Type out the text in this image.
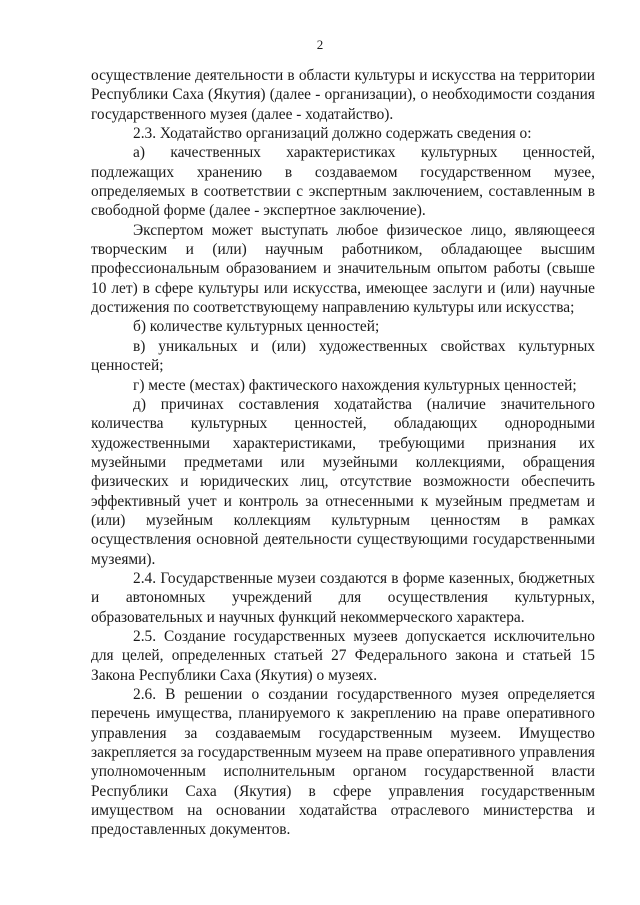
2

осуществление деятельности в области культуры и искусства на территории Республики Саха (Якутия) (далее - организации), о необходимости создания государственного музея (далее - ходатайство).

2.3. Ходатайство организаций должно содержать сведения о:

а) качественных характеристиках культурных ценностей, подлежащих хранению в создаваемом государственном музее, определяемых в соответствии с экспертным заключением, составленным в свободной форме (далее - экспертное заключение).

Экспертом может выступать любое физическое лицо, являющееся творческим и (или) научным работником, обладающее высшим профессиональным образованием и значительным опытом работы (свыше 10 лет) в сфере культуры или искусства, имеющее заслуги и (или) научные достижения по соответствующему направлению культуры или искусства;

б) количестве культурных ценностей;

в) уникальных и (или) художественных свойствах культурных ценностей;

г) месте (местах) фактического нахождения культурных ценностей;

д) причинах составления ходатайства (наличие значительного количества культурных ценностей, обладающих однородными художественными характеристиками, требующими признания их музейными предметами или музейными коллекциями, обращения физических и юридических лиц, отсутствие возможности обеспечить эффективный учет и контроль за отнесенными к музейным предметам и (или) музейным коллекциям культурным ценностям в рамках осуществления основной деятельности существующими государственными музеями).

2.4. Государственные музеи создаются в форме казенных, бюджетных и автономных учреждений для осуществления культурных, образовательных и научных функций некоммерческого характера.

2.5. Создание государственных музеев допускается исключительно для целей, определенных статьей 27 Федерального закона и статьей 15 Закона Республики Саха (Якутия) о музеях.

2.6. В решении о создании государственного музея определяется перечень имущества, планируемого к закреплению на праве оперативного управления за создаваемым государственным музеем. Имущество закрепляется за государственным музеем на праве оперативного управления уполномоченным исполнительным органом государственной власти Республики Саха (Якутия) в сфере управления государственным имуществом на основании ходатайства отраслевого министерства и предоставленных документов.
